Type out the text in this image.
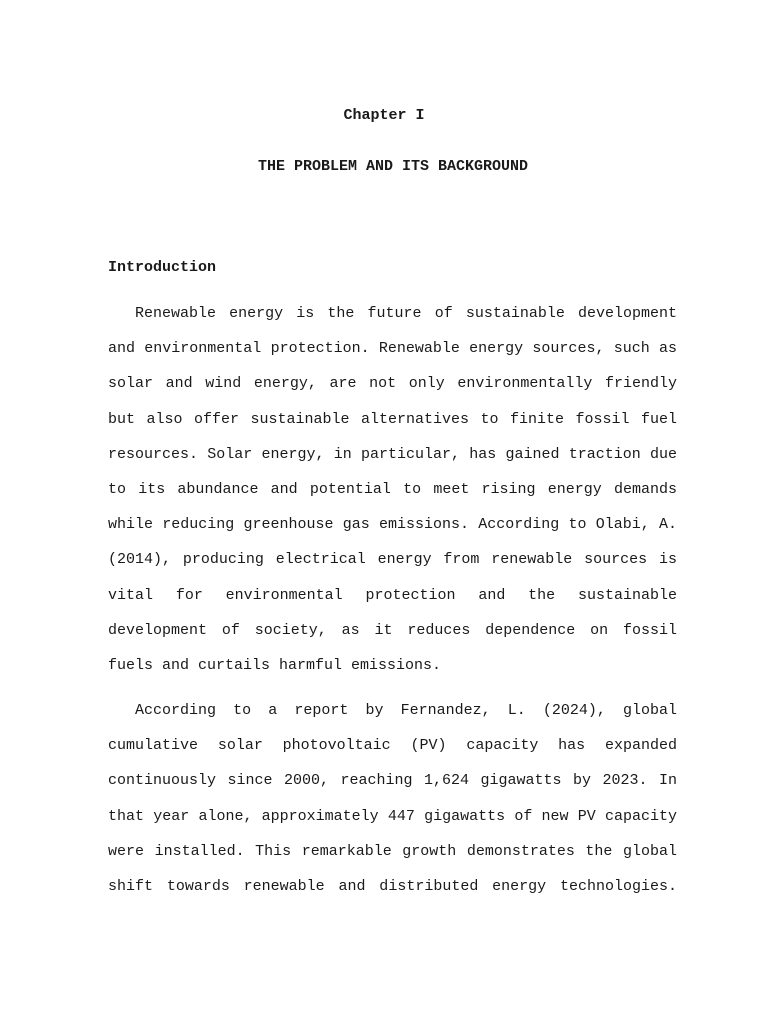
Chapter I

THE PROBLEM AND ITS BACKGROUND

Introduction

Renewable energy is the future of sustainable development and environmental protection. Renewable energy sources, such as solar and wind energy, are not only environmentally friendly but also offer sustainable alternatives to finite fossil fuel resources. Solar energy, in particular, has gained traction due to its abundance and potential to meet rising energy demands while reducing greenhouse gas emissions. According to Olabi, A. (2014), producing electrical energy from renewable sources is vital for environmental protection and the sustainable development of society, as it reduces dependence on fossil fuels and curtails harmful emissions.

According to a report by Fernandez, L. (2024), global cumulative solar photovoltaic (PV) capacity has expanded continuously since 2000, reaching 1,624 gigawatts by 2023. In that year alone, approximately 447 gigawatts of new PV capacity were installed. This remarkable growth demonstrates the global shift towards renewable and distributed energy technologies.
